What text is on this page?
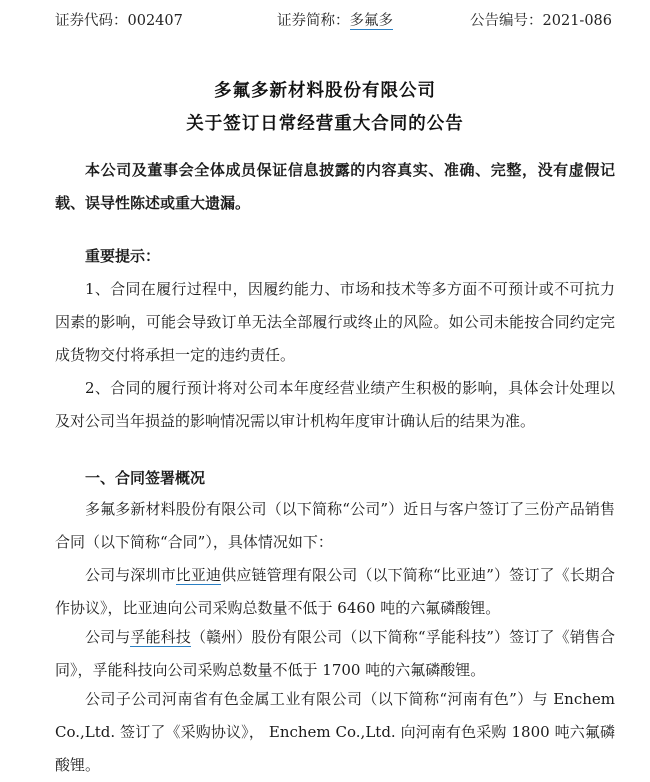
证券代码：002407	证券简称：多氟多	公告编号：2021-086
多氟多新材料股份有限公司
关于签订日常经营重大合同的公告
本公司及董事会全体成员保证信息披露的内容真实、准确、完整，没有虚假记载、误导性陈述或重大遗漏。
重要提示：
1、合同在履行过程中，因履约能力、市场和技术等多方面不可预计或不可抗力因素的影响，可能会导致订单无法全部履行或终止的风险。如公司未能按合同约定完成货物交付将承担一定的违约责任。
2、合同的履行预计将对公司本年度经营业绩产生积极的影响，具体会计处理以及对公司当年损益的影响情况需以审计机构年度审计确认后的结果为准。
一、合同签署概况
多氟多新材料股份有限公司（以下简称“公司”）近日与客户签订了三份产品销售合同（以下简称“合同”），具体情况如下：
公司与深圳市比亚迪供应链管理有限公司（以下简称“比亚迪”）签订了《长期合作协议》，比亚迪向公司采购总数量不低于 6460 吨的六氟磷酸锂。
公司与孚能科技（赣州）股份有限公司（以下简称“孚能科技”）签订了《销售合同》，孚能科技向公司采购总数量不低于 1700 吨的六氟磷酸锂。
公司子公司河南省有色金属工业有限公司（以下简称“河南有色”）与 Enchem Co.,Ltd. 签订了《采购协议》， Enchem Co.,Ltd. 向河南有色采购 1800 吨六氟磷酸锂。
